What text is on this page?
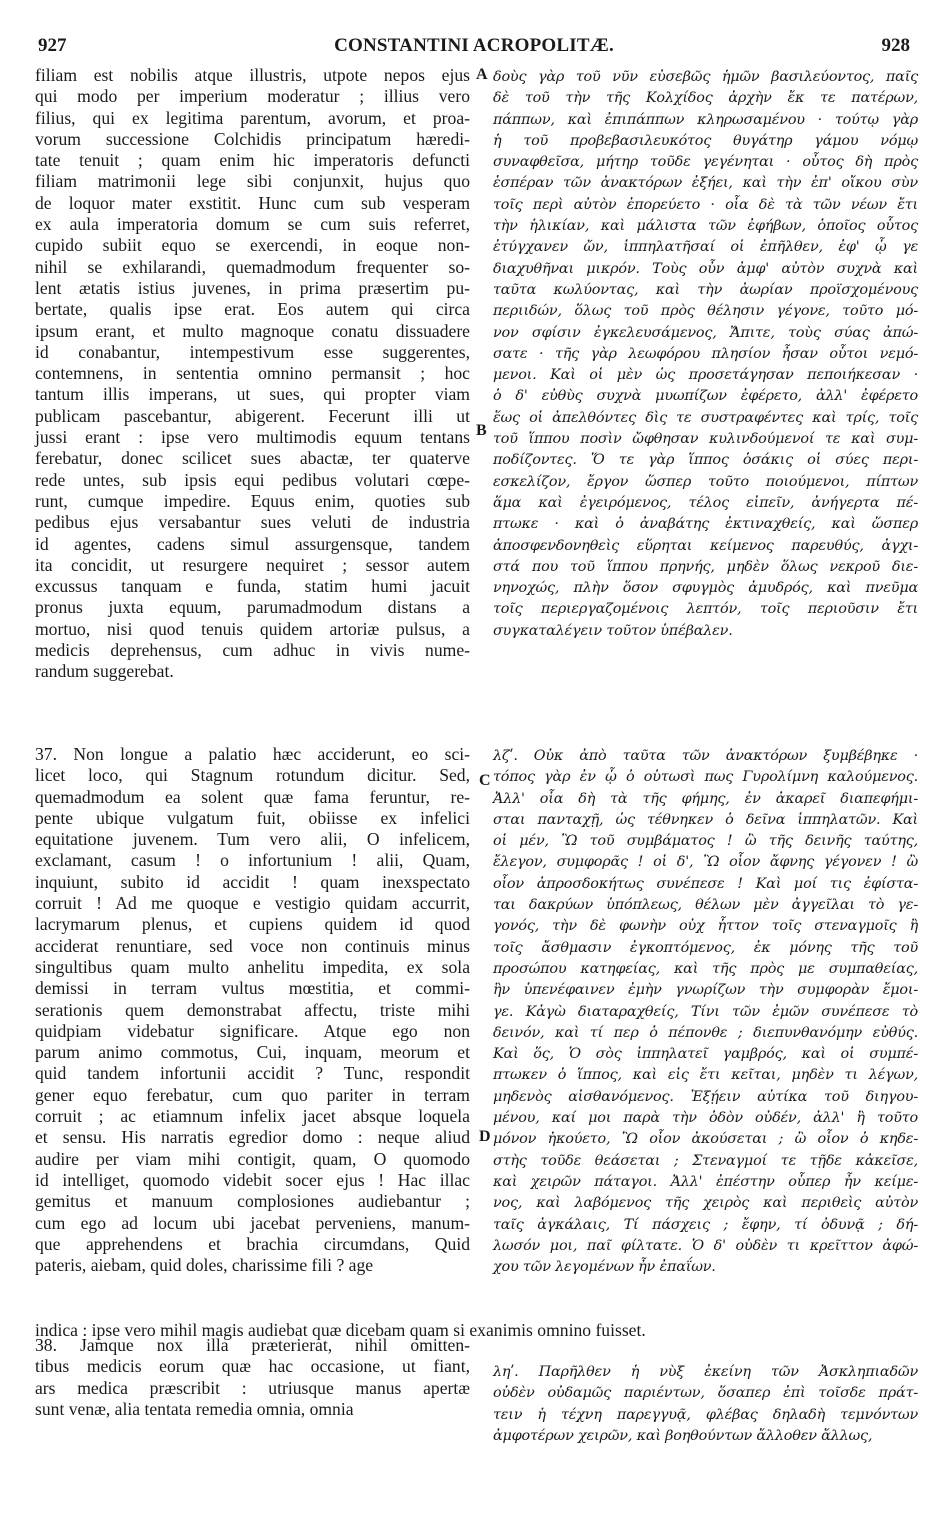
927	CONSTANTINI ACROPOLITÆ.	928
A
B
C
D
filiam est nobilis atque illustris, utpote nepos ejus
qui modo per imperium moderatur ; illius vero
filius, qui ex legitima parentum, avorum, et proa-
vorum successione Colchidis principatum hæredi-
tate tenuit ; quam enim hic imperatoris defuncti
filiam matrimonii lege sibi conjunxit, hujus quo
de loquor mater exstitit. Hunc cum sub vesperam
ex aula imperatoria domum se cum suis referret,
cupido subiit equo se exercendi, in eoque non-
nihil se exhilarandi, quemadmodum frequenter so-
lent ætatis istius juvenes, in prima præsertim pu-
bertate, qualis ipse erat. Eos autem qui circa
ipsum erant, et multo magnoque conatu dissuadere
id conabantur, intempestivum esse suggerentes,
contemnens, in sententia omnino permansit ; hoc
tantum illis imperans, ut sues, qui propter viam
publicam pascebantur, abigerent. Fecerunt illi ut
jussi erant : ipse vero multimodis equum tentans
ferebatur, donec scilicet sues abactæ, ter quaterve
rede untes, sub ipsis equi pedibus volutari cœpe-
runt, cumque impedire. Equus enim, quoties sub
pedibus ejus versabantur sues veluti de industria
id agentes, cadens simul assurgensque, tandem
ita concidit, ut resurgere nequiret ; sessor autem
excussus tanquam e funda, statim humi jacuit
pronus juxta equum, parumadmodum distans a
mortuo, nisi quod tenuis quidem artoriæ pulsus, a
medicis deprehensus, cum adhuc in vivis nume-
randum suggerebat.
37. Non longue a palatio hæc acciderunt, eo sci-
licet loco, qui Stagnum rotundum dicitur. Sed,
quemadmodum ea solent quæ fama feruntur, re-
pente ubique vulgatum fuit, obiisse ex infelici
equitatione juvenem. Tum vero alii, O infelicem,
exclamant, casum ! o infortunium ! alii, Quam,
inquiunt, subito id accidit ! quam inexspectato
corruit ! Ad me quoque e vestigio quidam accurrit,
lacrymarum plenus, et cupiens quidem id quod
acciderat renuntiare, sed voce non continuis minus
singultibus quam multo anhelitu impedita, ex sola
demissi in terram vultus mœstitia, et commi-
serationis quem demonstrabat affectu, triste mihi
quidpiam videbatur significare. Atque ego non
parum animo commotus, Cui, inquam, meorum et
quid tandem infortunii accidit ? Tunc, respondit
gener equo ferebatur, cum quo pariter in terram
corruit ; ac etiamnum infelix jacet absque loquela
et sensu. His narratis egredior domo : neque aliud
audire per viam mihi contigit, quam, O quomodo
id intelliget, quomodo videbit socer ejus ! Hac illac
gemitus et manuum complosiones audiebantur ;
cum ego ad locum ubi jacebat perveniens, manum-
que apprehendens et brachia circumdans, Quid
pateris, aiebam, quid doles, charissime fili ? age
indica : ipse vero mihil magis audiebat quæ dicebam quam si exanimis omnino fuisset.
38. Jamque nox illa præterierat, nihil omitten-
tibus medicis eorum quæ hac occasione, ut fiant,
ars medica præscribit : utriusque manus apertæ
sunt venæ, alia tentata remedia omnia, omnia
δοὺς γὰρ τοῦ νῦν εὐσεβῶς ἡμῶν βασιλεύοντος, παῖς
δὲ τοῦ τὴν τῆς Κολχίδος ἀρχὴν ἔκ τε πατέρων,
πάππων, καὶ ἐπιπάππων κληρωσαμένου · τούτῳ γὰρ
ἡ τοῦ προβεβασιλευκότος θυγάτηρ γάμου νόμῳ
συναφθεῖσα, μήτηρ τοῦδε γεγένηται · οὗτος δὴ πρὸς
ἑσπέραν τῶν ἀνακτόρων ἐξήει, καὶ τὴν ἐπ' οἴκου σὺν
τοῖς περὶ αὐτὸν ἐπορεύετο · οἷα δὲ τὰ τῶν νέων ἔτι
τὴν ἡλικίαν, καὶ μάλιστα τῶν ἐφήβων, ὁποῖος οὗτος
ἐτύγχανεν ὤν, ἱππηλατῆσαί οἱ ἐπῆλθεν, ἐφ' ᾧ γε
διαχυθῆναι μικρόν. Τοὺς οὖν ἀμφ' αὐτὸν συχνὰ καὶ
ταῦτα κωλύοντας, καὶ τὴν ἀωρίαν προϊσχομένους
περιιδών, ὅλως τοῦ πρὸς θέλησιν γέγονε, τοῦτο μό-
νον σφίσιν ἐγκελευσάμενος, Ἄπιτε, τοὺς σύας ἀπώ-
σατε · τῆς γὰρ λεωφόρου πλησίον ἦσαν οὗτοι νεμό-
μενοι. Καὶ οἱ μὲν ὡς προσετάγησαν πεποιήκεσαν ·
ὁ δ' εὐθὺς συχνὰ μυωπίζων ἐφέρετο, ἀλλ' ἐφέρετο
ἕως οἱ ἀπελθόντες δὶς τε συστραφέντες καὶ τρίς, τοῖς
τοῦ ἵππου ποσὶν ὤφθησαν κυλινδούμενοί τε καὶ συμ-
ποδίζοντες. Ὅ τε γὰρ ἵππος ὁσάκις οἱ σύες περι-
εσκελίζον, ἔργον ὥσπερ τοῦτο ποιούμενοι, πίπτων
ἅμα καὶ ἐγειρόμενος, τέλος εἰπεῖν, ἀνήγερτα πέ-
πτωκε · καὶ ὁ ἀναβάτης ἐκτιναχθείς, καὶ ὥσπερ
ἀποσφενδονηθεὶς εὕρηται κείμενος παρευθύς, ἀγχι-
στά που τοῦ ἵππου πρηνής, μηδὲν ὅλως νεκροῦ διε-
νηνοχώς, πλὴν ὅσον σφυγμὸς ἀμυδρός, καὶ πνεῦμα
τοῖς περιεργαζομένοις λεπτόν, τοῖς περιοῦσιν ἔτι
συγκαταλέγειν τοῦτον ὑπέβαλεν.
λζʹ. Οὐκ ἀπὸ ταῦτα τῶν ἀνακτόρων ξυμβέβηκε ·
τόπος γὰρ ἐν ᾧ ὁ οὑτωσὶ πως Γυρολίμνη καλούμενος.
Ἀλλ' οἷα δὴ τὰ τῆς φήμης, ἐν ἀκαρεῖ διαπεφήμι-
σται πανταχῇ, ὡς τέθνηκεν ὁ δεῖνα ἱππηλατῶν. Καὶ
οἱ μέν, Ὢ τοῦ συμβάματος ! ὢ τῆς δεινῆς ταύτης,
ἔλεγον, συμφορᾶς ! οἱ δ', Ὢ οἷον ἄφνης γέγονεν ! ὢ
οἷον ἀπροσδοκήτως συνέπεσε ! Καὶ μοί τις ἐφίστα-
ται δακρύων ὑπόπλεως, θέλων μὲν ἀγγεῖλαι τὸ γε-
γονός, τὴν δὲ φωνὴν οὐχ ἧττον τοῖς στεναγμοῖς ἢ
τοῖς ἄσθμασιν ἐγκοπτόμενος, ἐκ μόνης τῆς τοῦ
προσώπου κατηφείας, καὶ τῆς πρὸς με συμπαθείας,
ἣν ὑπενέφαινεν ἐμὴν γνωρίζων τὴν συμφορὰν ἔμοι-
γε. Κἀγὼ διαταραχθείς, Τίνι τῶν ἐμῶν συνέπεσε τὸ
δεινόν, καὶ τί περ ὁ πέπονθε ; διεπυνθανόμην εὐθύς.
Καὶ ὅς, Ὁ σὸς ἱππηλατεῖ γαμβρός, καὶ οἱ συμπέ-
πτωκεν ὁ ἵππος, καὶ εἰς ἔτι κεῖται, μηδὲν τι λέγων,
μηδενὸς αἰσθανόμενος. Ἐξῄειν αὐτίκα τοῦ διηγου-
μένου, καί μοι παρὰ τὴν ὁδὸν οὐδέν, ἀλλ' ἢ τοῦτο
μόνον ἠκούετο, Ὢ οἷον ἀκούσεται ; ὢ οἷον ὁ κηδε-
στὴς τοῦδε θεάσεται ; Στεναγμοί τε τῇδε κἀκεῖσε,
καὶ χειρῶν πάταγοι. Ἀλλ' ἐπέστην οὗπερ ἦν κείμε-
νος, καὶ λαβόμενος τῆς χειρὸς καὶ περιθεὶς αὐτὸν
ταῖς ἀγκάλαις, Τί πάσχεις ; ἔφην, τί ὀδυνᾷ ; δή-
λωσόν μοι, παῖ φίλτατε. Ὁ δ' οὐδὲν τι κρεῖττον ἀφώ-
χου τῶν λεγομένων ἦν ἐπαΐων.
ληʹ. Παρῆλθεν ἡ νὺξ ἐκείνη τῶν Ἀσκληπιαδῶν
οὐδὲν οὐδαμῶς παριέντων, ὅσαπερ ἐπὶ τοῖσδε πράτ-
τειν ἡ τέχνη παρεγγυᾷ, φλέβας δηλαδὴ τεμνόντων
ἀμφοτέρων χειρῶν, καὶ βοηθούντων ἄλλοθεν ἄλλως,
